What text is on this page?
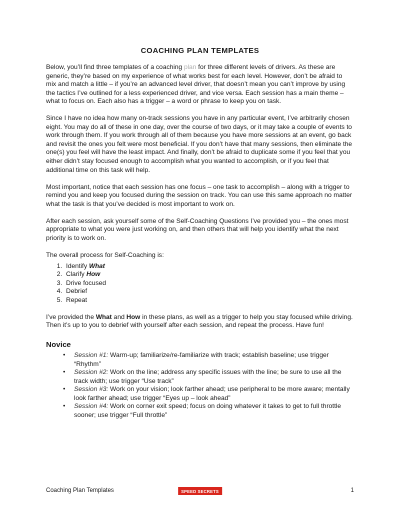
COACHING PLAN TEMPLATES

Below, you’ll find three templates of a coaching plan for three different levels of drivers. As these are generic, they’re based on my experience of what works best for each level. However, don’t be afraid to mix and match a little – if you’re an advanced level driver, that doesn’t mean you can’t improve by using the tactics I’ve outlined for a less experienced driver, and vice versa. Each session has a main theme – what to focus on. Each also has a trigger – a word or phrase to keep you on task.

Since I have no idea how many on-track sessions you have in any particular event, I’ve arbitrarily chosen eight. You may do all of these in one day, over the course of two days, or it may take a couple of events to work through them. If you work through all of them because you have more sessions at an event, go back and revisit the ones you felt were most beneficial. If you don’t have that many sessions, then eliminate the one(s) you feel will have the least impact. And finally, don’t be afraid to duplicate some if you feel that you either didn’t stay focused enough to accomplish what you wanted to accomplish, or if you feel that additional time on this task will help.

Most important, notice that each session has one focus – one task to accomplish – along with a trigger to remind you and keep you focused during the session on track. You can use this same approach no matter what the task is that you’ve decided is most important to work on.

After each session, ask yourself some of the Self-Coaching Questions I’ve provided you – the ones most appropriate to what you were just working on, and then others that will help you identify what the next priority is to work on.

The overall process for Self-Coaching is:

1. Identify What
2. Clarify How
3. Drive focused
4. Debrief
5. Repeat

I’ve provided the What and How in these plans, as well as a trigger to help you stay focused while driving. Then it’s up to you to debrief with yourself after each session, and repeat the process. Have fun!

Novice
• Session #1: Warm-up; familiarize/re-familiarize with track; establish baseline; use trigger “Rhythm”
• Session #2: Work on the line; address any specific issues with the line; be sure to use all the track width; use trigger “Use track”
• Session #3: Work on your vision; look farther ahead; use peripheral to be more aware; mentally look farther ahead; use trigger “Eyes up – look ahead”
• Session #4: Work on corner exit speed; focus on doing whatever it takes to get to full throttle sooner; use trigger “Full throttle”
Coaching Plan Templates	SPEED SECRETS	1
